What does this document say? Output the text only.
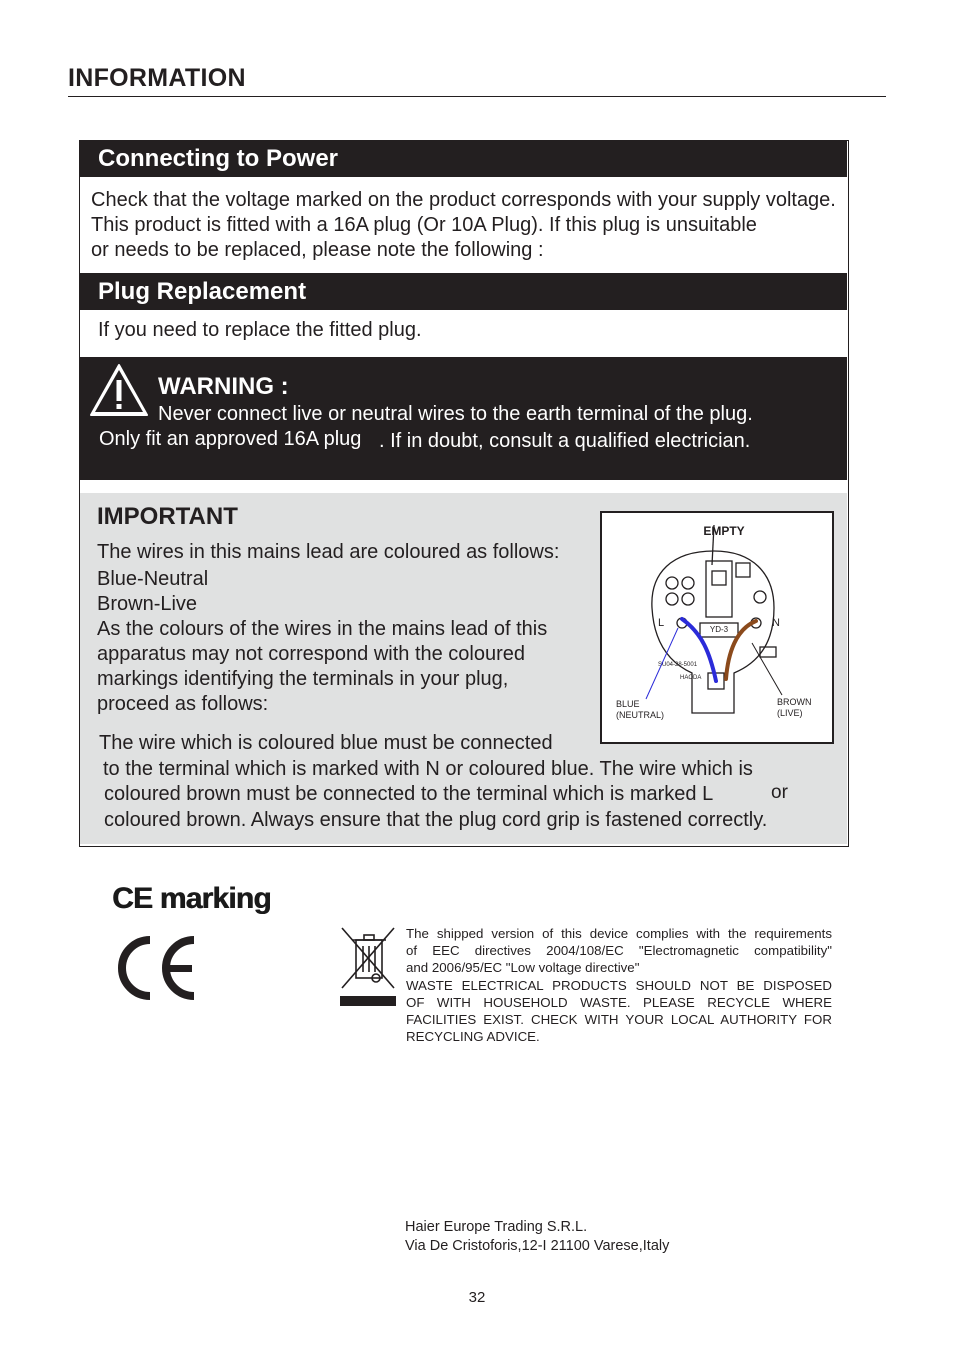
INFORMATION
Connecting to Power
Check that the voltage marked on the product corresponds with your supply voltage.
This product is fitted with a 16A plug (Or 10A Plug). If this plug is unsuitable
or needs to be replaced, please note the following :
Plug Replacement
If you need to replace the fitted plug.
WARNING :
Never connect live or neutral wires to the earth terminal of the plug.
Only fit an approved 16A plug . If in doubt, consult a qualified electrician.
IMPORTANT
The wires in this mains lead are coloured as follows:
Blue-Neutral
Brown-Live
As the colours of the wires in the mains lead of this
apparatus may not correspond with the coloured
markings identifying the terminals in your plug,
proceed as follows:
The wire which is coloured blue must be connected
to the terminal which is marked with N or coloured blue. The wire which is
coloured brown must be connected to the terminal which is marked L	or
coloured brown. Always ensure that the plug cord grip is fastened correctly.
EMPTY
YD-3
L	N
SU04-28-5001
HAODA
BLUE
(NEUTRAL)
BROWN
(LIVE)
CE marking
The shipped version of this device complies with the requirements
of EEC directives 2004/108/EC "Electromagnetic compatibility"
and 2006/95/EC "Low voltage directive"
WASTE ELECTRICAL PRODUCTS SHOULD NOT BE DISPOSED
OF WITH HOUSEHOLD WASTE. PLEASE RECYCLE WHERE
FACILITIES EXIST. CHECK WITH YOUR LOCAL AUTHORITY FOR
RECYCLING ADVICE.
Haier Europe Trading S.R.L.
Via De Cristoforis,12-I 21100 Varese,Italy
32
